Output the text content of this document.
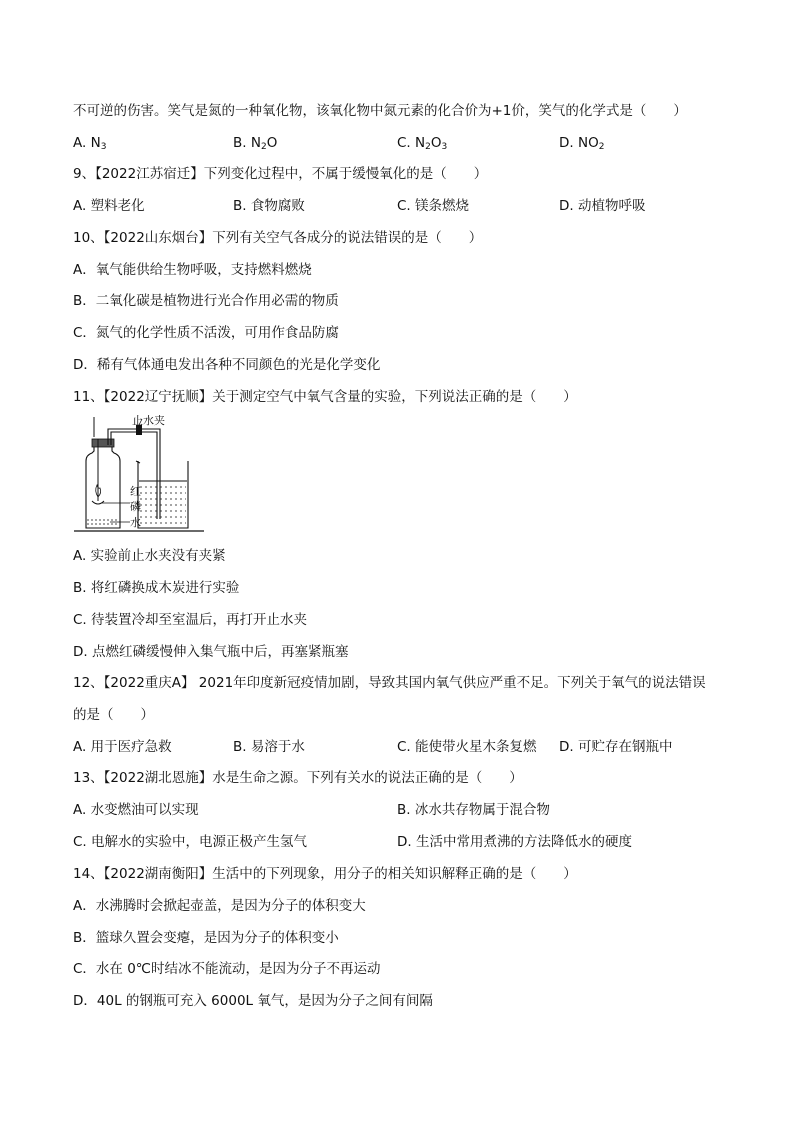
不可逆的伤害。笑气是氮的一种氧化物，该氧化物中氮元素的化合价为+1价，笑气的化学式是（　　）
A. $N_3$	B. $N_2O$	C. $N_2O_3$	D. $NO_2$
9、【2022江苏宿迁】下列变化过程中，不属于缓慢氧化的是（　　）
A. 塑料老化	B. 食物腐败	C. 镁条燃烧	D. 动植物呼吸
10、【2022山东烟台】下列有关空气各成分的说法错误的是（　　）
A．氧气能供给生物呼吸，支持燃料燃烧
B．二氧化碳是植物进行光合作用必需的物质
C．氮气的化学性质不活泼，可用作食品防腐
D．稀有气体通电发出各种不同颜色的光是化学变化
11、【2022辽宁抚顺】关于测定空气中氧气含量的实验，下列说法正确的是（　　）
止水夹
红
磷
水
A. 实验前止水夹没有夹紧
B. 将红磷换成木炭进行实验
C. 待装置冷却至室温后，再打开止水夹
D. 点燃红磷缓慢伸入集气瓶中后，再塞紧瓶塞
12、【2022重庆A】 2021年印度新冠疫情加剧，导致其国内氧气供应严重不足。下列关于氧气的说法错误
的是（　　）
A. 用于医疗急救	B. 易溶于水	C. 能使带火星木条复燃 D. 可贮存在钢瓶中
13、【2022湖北恩施】水是生命之源。下列有关水的说法正确的是（　　）
A. 水变燃油可以实现	B. 冰水共存物属于混合物
C. 电解水的实验中，电源正极产生氢气	D. 生活中常用煮沸的方法降低水的硬度
14、【2022湖南衡阳】生活中的下列现象，用分子的相关知识解释正确的是（　　）
A．水沸腾时会掀起壶盖，是因为分子的体积变大
B．篮球久置会变瘪，是因为分子的体积变小
C．水在 0℃时结冰不能流动，是因为分子不再运动
D．40L 的钢瓶可充入 6000L 氧气，是因为分子之间有间隔
